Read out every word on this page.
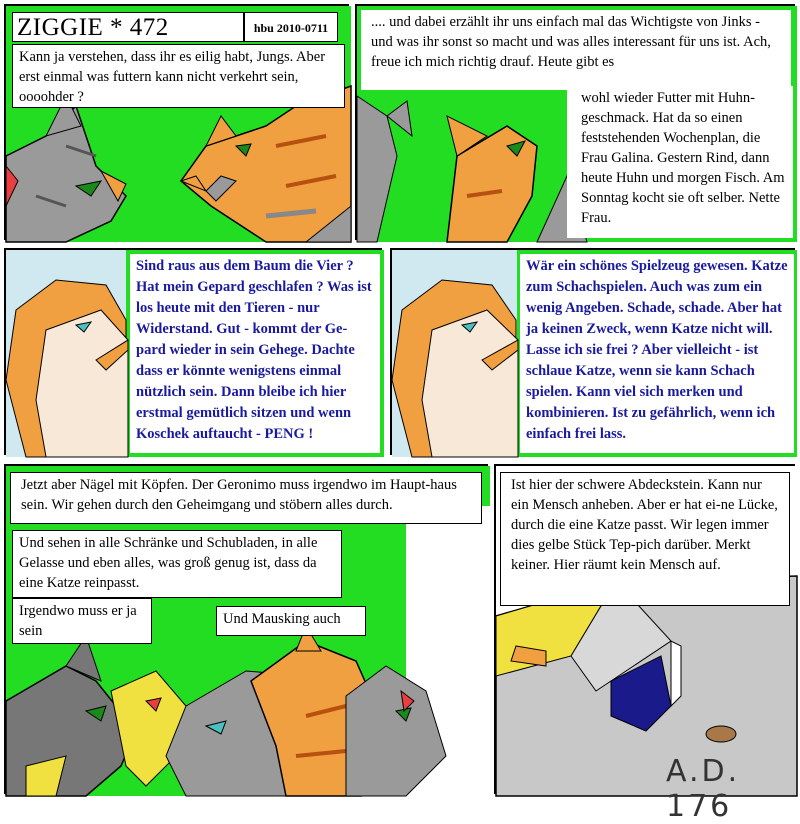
ZIGGIE * 472	hbu 2010-0711
Kann ja verstehen, dass ihr es eilig habt, Jungs. Aber erst einmal was futtern kann nicht verkehrt sein, oooohder ?
.... und dabei erzählt ihr uns einfach mal das Wichtigste von Jinks - und was ihr sonst so macht und was alles interessant für uns ist. Ach, freue ich mich richtig drauf. Heute gibt es
wohl wieder Futter mit Huhn-geschmack. Hat da so einen feststehenden Wochenplan, die Frau Galina. Gestern Rind, dann heute Huhn und morgen Fisch. Am Sonntag kocht sie oft selber. Nette Frau.
Sind raus aus dem Baum die Vier ? Hat mein Gepard geschlafen ? Was ist los heute mit den Tieren - nur Widerstand. Gut - kommt der Ge-pard wieder in sein Gehege. Dachte dass er könnte wenigstens einmal nützlich sein. Dann bleibe ich hier erstmal gemütlich sitzen und wenn Koschek auftaucht - PENG !
Wär ein schönes Spielzeug gewesen. Katze zum Schachspielen. Auch was zum ein wenig Angeben. Schade, schade. Aber hat ja keinen Zweck, wenn Katze nicht will. Lasse ich sie frei ? Aber vielleicht - ist schlaue Katze, wenn sie kann Schach spielen. Kann viel sich merken und kombinieren. Ist zu gefährlich, wenn ich einfach frei lass.
Jetzt aber Nägel mit Köpfen. Der Geronimo muss irgendwo im Haupt-haus sein. Wir gehen durch den Geheimgang und stöbern alles durch.
Und sehen in alle Schränke und Schubladen, in alle Gelasse und eben alles, was groß genug ist, dass da eine Katze reinpasst.
Irgendwo muss er ja sein
Und Mausking auch
Ist hier der schwere Abdeckstein. Kann nur ein Mensch anheben. Aber er hat ei-ne Lücke, durch die eine Katze passt. Wir legen immer dies gelbe Stück Tep-pich darüber. Merkt keiner. Hier räumt kein Mensch auf.
A.D. 176
